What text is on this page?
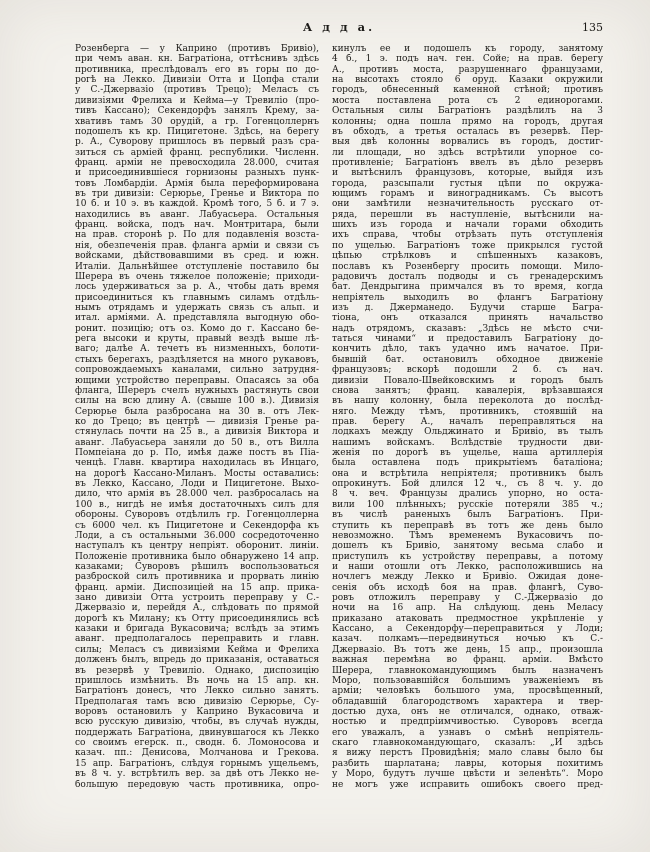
А д д а.	135
Розенберга — у Каприно (противъ Бривіо),
при чемъ аван. кн. Багратіона, оттѣснивъ здѣсь
противника, преслѣдовалъ его въ горы по до-
рогѣ на Лекко. Дивизіи Отта и Цопфа стали
у С.-Джервазіо (противъ Трецо); Меласъ съ
дивизіями Фрелиха и Кейма—у Тревиліо (про-
тивъ Кассано); Секендорфъ занялъ Крему, за-
хвативъ тамъ 30 орудій, а гр. Гогенцоллернъ
подошелъ къ кр. Пицигетоне. Здѣсь, на берегу
р. А., Суворову пришлось въ первый разъ сра-
зиться съ арміей франц. республики. Численн.
франц. арміи не превосходила 28.000, считая
и присоединившіеся горнизоны разныхъ пунк-
товъ Ломбардіи. Армія была переформирована
въ три дивизіи: Серюрье, Гренье и Виктора по
10 б. и 10 э. въ каждой. Кромѣ того, 5 б. и 7 э.
находились въ аванг. Лабуасьера. Остальныя
франц. войска, подъ нач. Монтритара, были
на прав. сторонѣ р. По для подавленія возста-
нія, обезпеченія прав. фланга арміи и связи съ
войсками, дѣйствовавшими въ сред. и южн.
Италіи. Дальнѣйшее отступленіе поставило бы
Шерера въ очень тяжелое положеніе; приходи-
лось удерживаться за р. А., чтобы дать время
присоединиться къ главнымъ силамъ отдѣль-
нымъ отрядамъ и удержать связь съ альп. и
итал. арміями. А. представляла выгодную обо-
ронит. позицію; отъ оз. Комо до г. Кассано бе-
рега высоки и круты, правый вездѣ выше лѣ-
ваго; далѣе А. течетъ въ низменныхъ, болоти-
стыхъ берегахъ, раздѣляется на много рукавовъ,
сопровождаемыхъ каналами, сильно затрудня-
ющими устройство переправы. Опасаясь за оба
фланга, Шереръ счелъ нужныхъ растянуть свои
силы на всю длину А. (свыше 100 в.). Дивизія
Серюрье была разбросана на 30 в. отъ Лек-
ко до Трецо; въ центрѣ — дивизія Гренье ра-
стянулась почти на 25 в., а дивизія Виктора и
аванг. Лабуасьера заняли до 50 в., отъ Вилла
Помпеіана до р. По, имѣя даже постъ въ Піа-
ченцѣ. Главн. квартира находилась въ Инцаго,
на дорогѣ Кассано-Миланъ. Мосты оставались:
въ Лекко, Кассано, Лоди и Пицигетоне. Выхо-
дило, что армія въ 28.000 чел. разбросалась на
100 в., нигдѣ не имѣя достаточныхъ силъ для
обороны. Суворовъ отдѣлилъ гр. Гогенцоллерна
съ 6000 чел. къ Пицигетоне и Секендорфа къ
Лоди, а съ остальными 36.000 сосредоточенно
наступалъ къ центру непріят. оборонит. линіи.
Положеніе противника было обнаружено 14 апр.
казаками; Суворовъ рѣшилъ воспользоваться
разброской силъ противника и прорвать линію
франц. арміи. Диспозиціей на 15 апр. прика-
зано дивизіи Отта устроить переправу у С.-
Джервазіо и, перейдя А., слѣдовать по прямой
дорогѣ къ Милану; къ Отту присоединялись всѣ
казаки и бригада Вукасовича; вслѣдъ за этимъ
аванг. предполагалось переправить и главн.
силы; Меласъ съ дивизіями Кейма и Фрелиха
долженъ былъ, впредь до приказанія, оставаться
въ резервѣ у Тревиліо. Однако, диспозицію
пришлось измѣнить. Въ ночь на 15 апр. кн.
Багратіонъ донесъ, что Лекко сильно занятъ.
Предполагая тамъ всю дивизію Серюрье, Су-
воровъ остановилъ у Каприно Вукасовича и
всю русскую дивизію, чтобы, въ случаѣ нужды,
поддержать Багратіона, двинувшагося къ Лекко
со своимъ егерск. п., сводн. б. Ломоносова и
казач. пп.: Денисова, Молчанова и Грекова.
15 апр. Багратіонъ, слѣдуя горнымъ ущельемъ,
въ 8 ч. у. встрѣтилъ вер. за двѣ отъ Лекко не-
большую передовую часть противника, опро-
кинулъ ее и подошелъ къ городу, занятому
4 б., 1 э. подъ нач. ген. Сойе; на прав. берегу
А., противъ моста, разрушеннаго французами,
на высотахъ стояло 6 оруд. Казаки окружили
городъ, обнесенный каменной стѣной; противъ
моста поставлена рота съ 2 единорогами.
Остальныя силы Багратіонъ раздѣлилъ на 3
колонны; одна пошла прямо на городъ, другая
въ обходъ, а третья осталась въ резервѣ. Пер-
выя двѣ колонны ворвались въ городъ, достиг-
ли площади, но здѣсь встрѣтили упорное со-
противленіе; Багратіонъ ввелъ въ дѣло резервъ
и вытѣснилъ французовъ, которые, выйдя изъ
города, разсыпали густыя цѣпи по окружа-
ющимъ горамъ и виноградникамъ. Съ высотъ
они замѣтили незначительность русскаго от-
ряда, перешли въ наступленіе, вытѣснили на-
шихъ изъ города и начали горами обходить
ихъ справа, чтобы отрѣзать путь отступленія
по ущелью. Багратіонъ тоже прикрылся густой
цѣпью стрѣлковъ и спѣшенныхъ казаковъ,
пославъ къ Розенбергу просить помощи. Мило-
радовичъ досталъ подводы и съ гренадерскимъ
бат. Дендрыгина примчался въ то время, когда
непріятель выходилъ во флангъ Багратіону
изъ д. Джерманедо. Будучи старше Багра-
тіона, онъ отказался принять начальство
надъ отрядомъ, сказавъ: „Здѣсь не мѣсто счи-
таться чинами“ и предоставилъ Багратіону до-
кончить дѣло, такъ удачно имъ начатое. При-
бывшій бат. остановилъ обходное движеніе
французовъ; вскорѣ подошли 2 б. съ нач.
дивизіи Повало-Швейковскимъ и городъ былъ
снова занятъ; франц. кавалерія, врѣзавшаяся
въ нашу колонну, была переколота до послѣд-
няго. Между тѣмъ, противникъ, стоявшій на
прав. берегу А., началъ переправляться на
лодкахъ между Ольджинато и Бривіо, въ тылъ
нашимъ войскамъ. Вслѣдствіе трудности дви-
женія по дорогѣ въ ущелье, наша артиллерія
была оставлена подъ прикрытіемъ баталіона;
она и встрѣтила непріятеля; противникъ былъ
опрокинутъ. Бой длился 12 ч., съ 8 ч. у. до
8 ч. веч. Французы дрались упорно, но оста-
вили 100 плѣнныхъ; русскіе потеряли 385 ч.;
въ числѣ раненыхъ былъ Багратіонъ. При-
ступить къ переправѣ въ тотъ же день было
невозможно. Тѣмъ временемъ Вукасовичъ по-
дошелъ къ Бривіо, занятому весьма слабо и
приступилъ къ устройству переправы, а потому
и наши отошли отъ Лекко, расположившись на
ночлегъ между Лекко и Бривіо. Ожидая доне-
сенія объ исходѣ боя на прав. флангѣ, Суво-
ровъ отложилъ переправу у С.-Джервазіо до
ночи на 16 апр. На слѣдующ. день Меласу
приказано атаковать предмостное укрѣпленіе у
Кассано, а Секендорфу—переправиться у Лоди;
казач. полкамъ—передвинуться ночью къ С.-
Джервазіо. Въ тотъ же день, 15 апр., произошла
важная перемѣна во франц. арміи. Вмѣсто
Шерера, главнокомандующимъ былъ назначенъ
Моро, пользовавшійся большимъ уваженіемъ въ
арміи; человѣкъ большого ума, просвѣщенный,
обладавшій благородствомъ характера и твер-
достью духа, онъ не отличался, однако, отваж-
ностью и предпріимчивостью. Суворовъ всегда
его уважалъ, а узнавъ о смѣнѣ непріятель-
скаго главнокомандующаго, сказалъ: „И здѣсь
я вижу перстъ Провидѣнія; мало славы было бы
разбить шарлатана; лавры, которыя похитимъ
у Моро, будутъ лучше цвѣсти и зеленѣть“. Моро
не могъ уже исправить ошибокъ своего пред-
